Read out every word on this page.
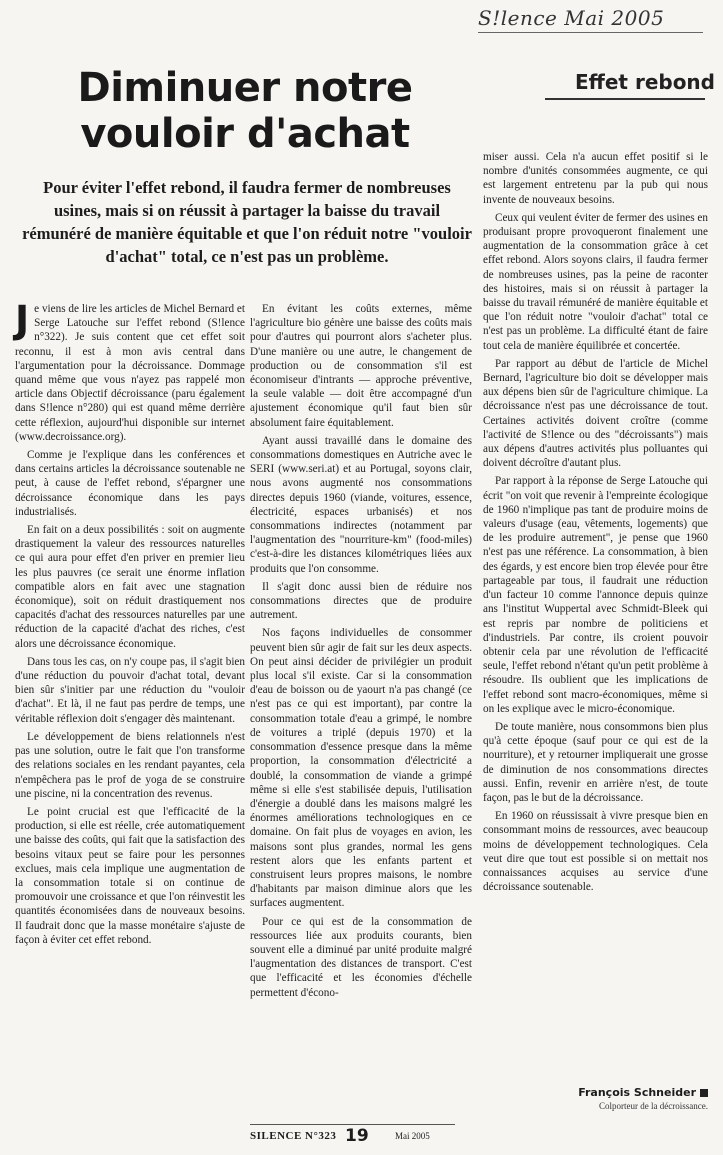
S!lence Mai 2005
Effet rebond
Diminuer notre vouloir d'achat

Pour éviter l'effet rebond, il faudra fermer de nombreuses usines, mais si on réussit à partager la baisse du travail rémunéré de manière équitable et que l'on réduit notre "vouloir d'achat" total, ce n'est pas un problème.

Je viens de lire les articles de Michel Bernard et Serge Latouche sur l'effet rebond (S!lence n°322). Je suis content que cet effet soit reconnu, il est à mon avis central dans l'argumentation pour la décroissance. Dommage quand même que vous n'ayez pas rappelé mon article dans Objectif décroissance (paru également dans S!lence n°280) qui est quand même derrière cette réflexion, aujourd'hui disponible sur internet (www.decroissance.org).

Comme je l'explique dans les conférences et dans certains articles la décroissance soutenable ne peut, à cause de l'effet rebond, s'épargner une décroissance économique dans les pays industrialisés.

En fait on a deux possibilités : soit on augmente drastiquement la valeur des ressources naturelles ce qui aura pour effet d'en priver en premier lieu les plus pauvres (ce serait une énorme inflation compatible alors en fait avec une stagnation économique), soit on réduit drastiquement nos capacités d'achat des ressources naturelles par une réduction de la capacité d'achat des riches, c'est alors une décroissance économique.

Dans tous les cas, on n'y coupe pas, il s'agit bien d'une réduction du pouvoir d'achat total, devant bien sûr s'initier par une réduction du "vouloir d'achat". Et là, il ne faut pas perdre de temps, une véritable réflexion doit s'engager dès maintenant.

Le développement de biens relationnels n'est pas une solution, outre le fait que l'on transforme des relations sociales en les rendant payantes, cela n'empêchera pas le prof de yoga de se construire une piscine, ni la concentration des revenus.

Le point crucial est que l'efficacité de la production, si elle est réelle, crée automatiquement une baisse des coûts, qui fait que la satisfaction des besoins vitaux peut se faire pour les personnes exclues, mais cela implique une augmentation de la consommation totale si on continue de promouvoir une croissance et que l'on réinvestit les quantités économisées dans de nouveaux besoins. Il faudrait donc que la masse monétaire s'ajuste de façon à éviter cet effet rebond.

En évitant les coûts externes, même l'agriculture bio génère une baisse des coûts mais pour d'autres qui pourront alors s'acheter plus. D'une manière ou une autre, le changement de production ou de consommation s'il est économiseur d'intrants — approche préventive, la seule valable — doit être accompagné d'un ajustement économique qu'il faut bien sûr absolument faire équitablement.

Ayant aussi travaillé dans le domaine des consommations domestiques en Autriche avec le SERI (www.seri.at) et au Portugal, soyons clair, nous avons augmenté nos consommations directes depuis 1960 (viande, voitures, essence, électricité, espaces urbanisés) et nos consommations indirectes (notamment par l'augmentation des "nourriture-km" (food-miles) c'est-à-dire les distances kilométriques liées aux produits que l'on consomme.

Il s'agit donc aussi bien de réduire nos consommations directes que de produire autrement.

Nos façons individuelles de consommer peuvent bien sûr agir de fait sur les deux aspects. On peut ainsi décider de privilégier un produit plus local s'il existe. Car si la consommation d'eau de boisson ou de yaourt n'a pas changé (ce n'est pas ce qui est important), par contre la consommation totale d'eau a grimpé, le nombre de voitures a triplé (depuis 1970) et la consommation d'essence presque dans la même proportion, la consommation d'électricité a doublé, la consommation de viande a grimpé même si elle s'est stabilisée depuis, l'utilisation d'énergie a doublé dans les maisons malgré les énormes améliorations technologiques en ce domaine. On fait plus de voyages en avion, les maisons sont plus grandes, normal les gens restent alors que les enfants partent et construisent leurs propres maisons, le nombre d'habitants par maison diminue alors que les surfaces augmentent.

Pour ce qui est de la consommation de ressources liée aux produits courants, bien souvent elle a diminué par unité produite malgré l'augmentation des distances de transport. C'est que l'efficacité et les économies d'échelle permettent d'écono-

miser aussi. Cela n'a aucun effet positif si le nombre d'unités consommées augmente, ce qui est largement entretenu par la pub qui nous invente de nouveaux besoins.

Ceux qui veulent éviter de fermer des usines en produisant propre provoqueront finalement une augmentation de la consommation grâce à cet effet rebond. Alors soyons clairs, il faudra fermer de nombreuses usines, pas la peine de raconter des histoires, mais si on réussit à partager la baisse du travail rémunéré de manière équitable et que l'on réduit notre "vouloir d'achat" total ce n'est pas un problème. La difficulté étant de faire tout cela de manière équilibrée et concertée.

Par rapport au début de l'article de Michel Bernard, l'agriculture bio doit se développer mais aux dépens bien sûr de l'agriculture chimique. La décroissance n'est pas une décroissance de tout. Certaines activités doivent croître (comme l'activité de S!lence ou des "décroissants") mais aux dépens d'autres activités plus polluantes qui doivent décroître d'autant plus.

Par rapport à la réponse de Serge Latouche qui écrit "on voit que revenir à l'empreinte écologique de 1960 n'implique pas tant de produire moins de valeurs d'usage (eau, vêtements, logements) que de les produire autrement", je pense que 1960 n'est pas une référence. La consommation, à bien des égards, y est encore bien trop élevée pour être partageable par tous, il faudrait une réduction d'un facteur 10 comme l'annonce depuis quinze ans l'institut Wuppertal avec Schmidt-Bleek qui est repris par nombre de politiciens et d'industriels. Par contre, ils croient pouvoir obtenir cela par une révolution de l'efficacité seule, l'effet rebond n'étant qu'un petit problème à résoudre. Ils oublient que les implications de l'effet rebond sont macro-économiques, même si on les explique avec le micro-économique.

De toute manière, nous consommons bien plus qu'à cette époque (sauf pour ce qui est de la nourriture), et y retourner impliquerait une grosse de diminution de nos consommations directes aussi. Enfin, revenir en arrière n'est, de toute façon, pas le but de la décroissance.

En 1960 on réussissait à vivre presque bien en consommant moins de ressources, avec beaucoup moins de développement technologiques. Cela veut dire que tout est possible si on mettait nos connaissances acquises au service d'une décroissance soutenable.

François Schneider
Colporteur de la décroissance.
SILENCE N°323 19	Mai 2005
